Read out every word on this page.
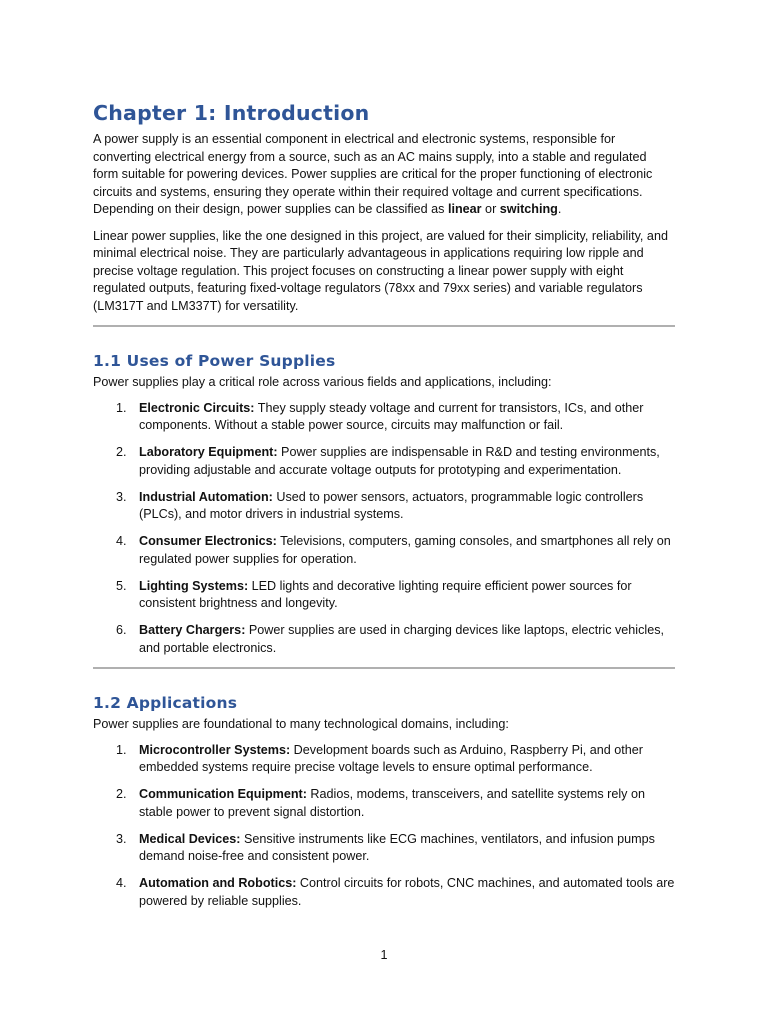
Chapter 1: Introduction

A power supply is an essential component in electrical and electronic systems, responsible for converting electrical energy from a source, such as an AC mains supply, into a stable and regulated form suitable for powering devices. Power supplies are critical for the proper functioning of electronic circuits and systems, ensuring they operate within their required voltage and current specifications. Depending on their design, power supplies can be classified as linear or switching.

Linear power supplies, like the one designed in this project, are valued for their simplicity, reliability, and minimal electrical noise. They are particularly advantageous in applications requiring low ripple and precise voltage regulation. This project focuses on constructing a linear power supply with eight regulated outputs, featuring fixed-voltage regulators (78xx and 79xx series) and variable regulators (LM317T and LM337T) for versatility.

1.1 Uses of Power Supplies

Power supplies play a critical role across various fields and applications, including:

1. Electronic Circuits: They supply steady voltage and current for transistors, ICs, and other components. Without a stable power source, circuits may malfunction or fail.
2. Laboratory Equipment: Power supplies are indispensable in R&D and testing environments, providing adjustable and accurate voltage outputs for prototyping and experimentation.
3. Industrial Automation: Used to power sensors, actuators, programmable logic controllers (PLCs), and motor drivers in industrial systems.
4. Consumer Electronics: Televisions, computers, gaming consoles, and smartphones all rely on regulated power supplies for operation.
5. Lighting Systems: LED lights and decorative lighting require efficient power sources for consistent brightness and longevity.
6. Battery Chargers: Power supplies are used in charging devices like laptops, electric vehicles, and portable electronics.
1.2 Applications

Power supplies are foundational to many technological domains, including:

1. Microcontroller Systems: Development boards such as Arduino, Raspberry Pi, and other embedded systems require precise voltage levels to ensure optimal performance.
2. Communication Equipment: Radios, modems, transceivers, and satellite systems rely on stable power to prevent signal distortion.
3. Medical Devices: Sensitive instruments like ECG machines, ventilators, and infusion pumps demand noise-free and consistent power.
4. Automation and Robotics: Control circuits for robots, CNC machines, and automated tools are powered by reliable supplies.
1
